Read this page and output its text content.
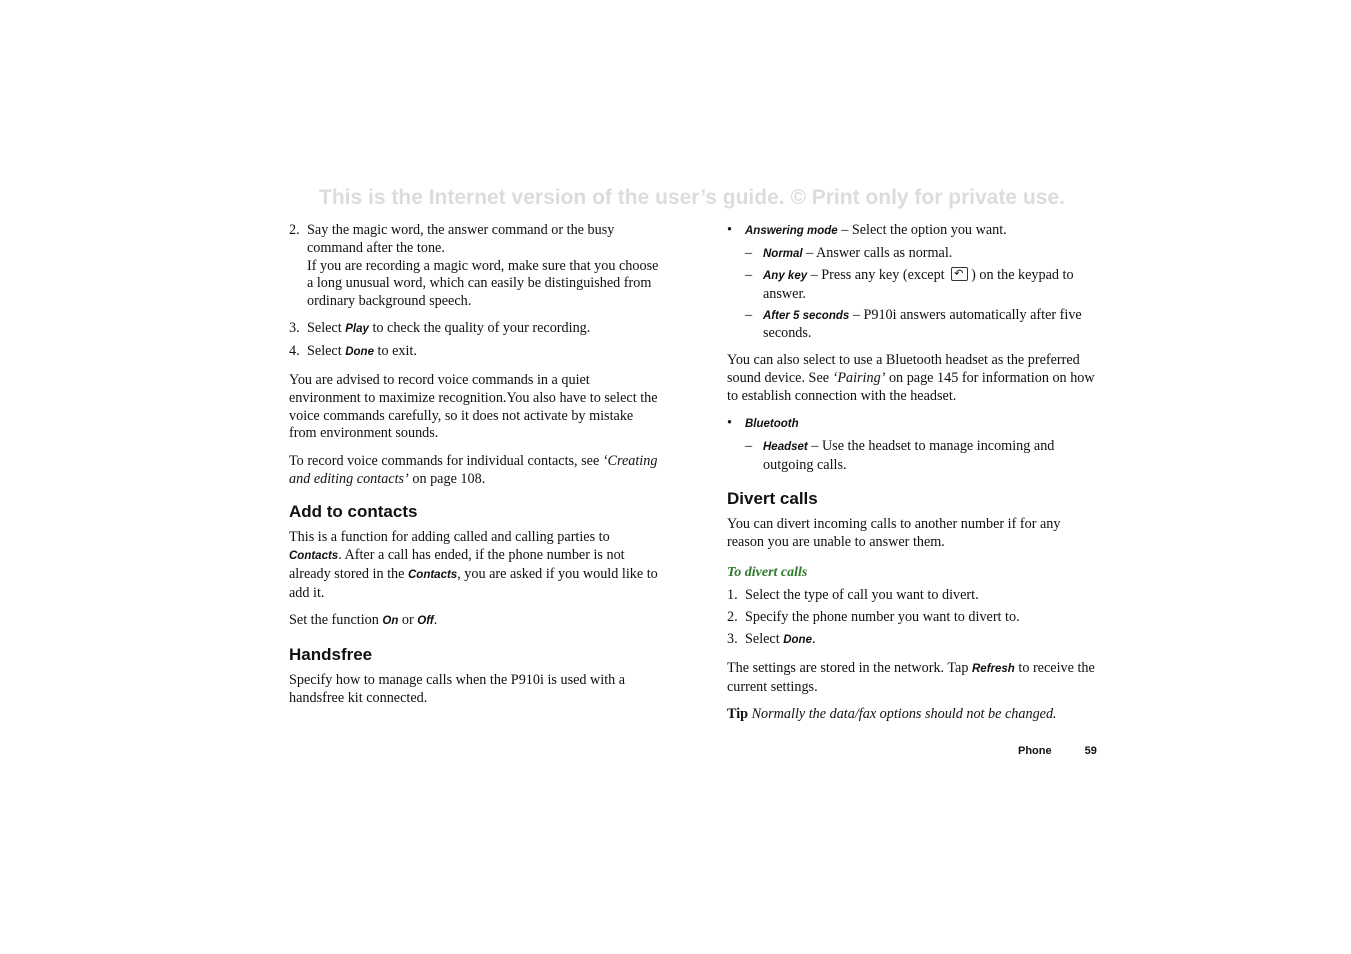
This is the Internet version of the user’s guide. © Print only for private use.
2. Say the magic word, the answer command or the busy command after the tone.
If you are recording a magic word, make sure that you choose a long unusual word, which can easily be distinguished from ordinary background speech.
3. Select Play to check the quality of your recording.
4. Select Done to exit.

You are advised to record voice commands in a quiet environment to maximize recognition.You also have to select the voice commands carefully, so it does not activate by mistake from environment sounds.

To record voice commands for individual contacts, see ‘Creating and editing contacts’ on page 108.

Add to contacts

This is a function for adding called and calling parties to Contacts. After a call has ended, if the phone number is not already stored in the Contacts, you are asked if you would like to add it.

Set the function On or Off.

Handsfree

Specify how to manage calls when the P910i is used with a handsfree kit connected.

• Answering mode – Select the option you want.
– Normal – Answer calls as normal.
– Any key – Press any key (except ↶) on the keypad to answer.
– After 5 seconds – P910i answers automatically after five seconds.

You can also select to use a Bluetooth headset as the preferred sound device. See ‘Pairing’ on page 145 for information on how to establish connection with the headset.

• Bluetooth
– Headset – Use the headset to manage incoming and outgoing calls.
Divert calls

You can divert incoming calls to another number if for any reason you are unable to answer them.

To divert calls
1. Select the type of call you want to divert.
2. Specify the phone number you want to divert to.
3. Select Done.

The settings are stored in the network. Tap Refresh to receive the current settings.

Tip Normally the data/fax options should not be changed.

Phone	59
